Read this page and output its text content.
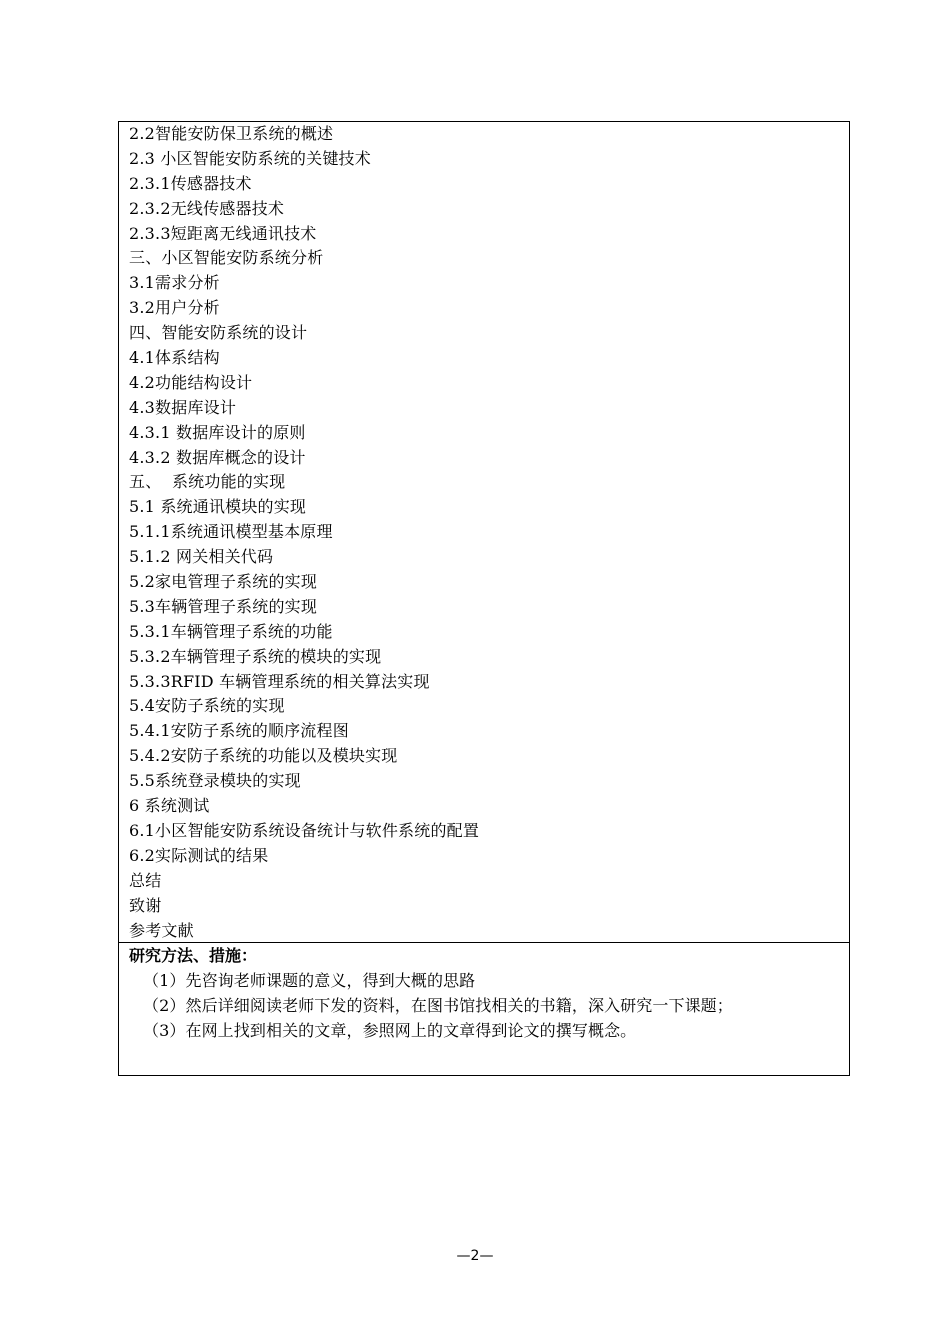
2.2智能安防保卫系统的概述
2.3 小区智能安防系统的关键技术
2.3.1传感器技术
2.3.2无线传感器技术
2.3.3短距离无线通讯技术
三、小区智能安防系统分析
3.1需求分析
3.2用户分析
四、智能安防系统的设计
4.1体系结构
4.2功能结构设计
4.3数据库设计
4.3.1 数据库设计的原则
4.3.2 数据库概念的设计
五、  系统功能的实现
5.1 系统通讯模块的实现
5.1.1系统通讯模型基本原理
5.1.2 网关相关代码
5.2家电管理子系统的实现
5.3车辆管理子系统的实现
5.3.1车辆管理子系统的功能
5.3.2车辆管理子系统的模块的实现
5.3.3RFID 车辆管理系统的相关算法实现
5.4安防子系统的实现
5.4.1安防子系统的顺序流程图
5.4.2安防子系统的功能以及模块实现
5.5系统登录模块的实现
6 系统测试
6.1小区智能安防系统设备统计与软件系统的配置
6.2实际测试的结果
总结
致谢
参考文献
研究方法、措施：
（1）先咨询老师课题的意义，得到大概的思路
（2）然后详细阅读老师下发的资料，在图书馆找相关的书籍，深入研究一下课题；
（3）在网上找到相关的文章，参照网上的文章得到论文的撰写概念。
—2—
